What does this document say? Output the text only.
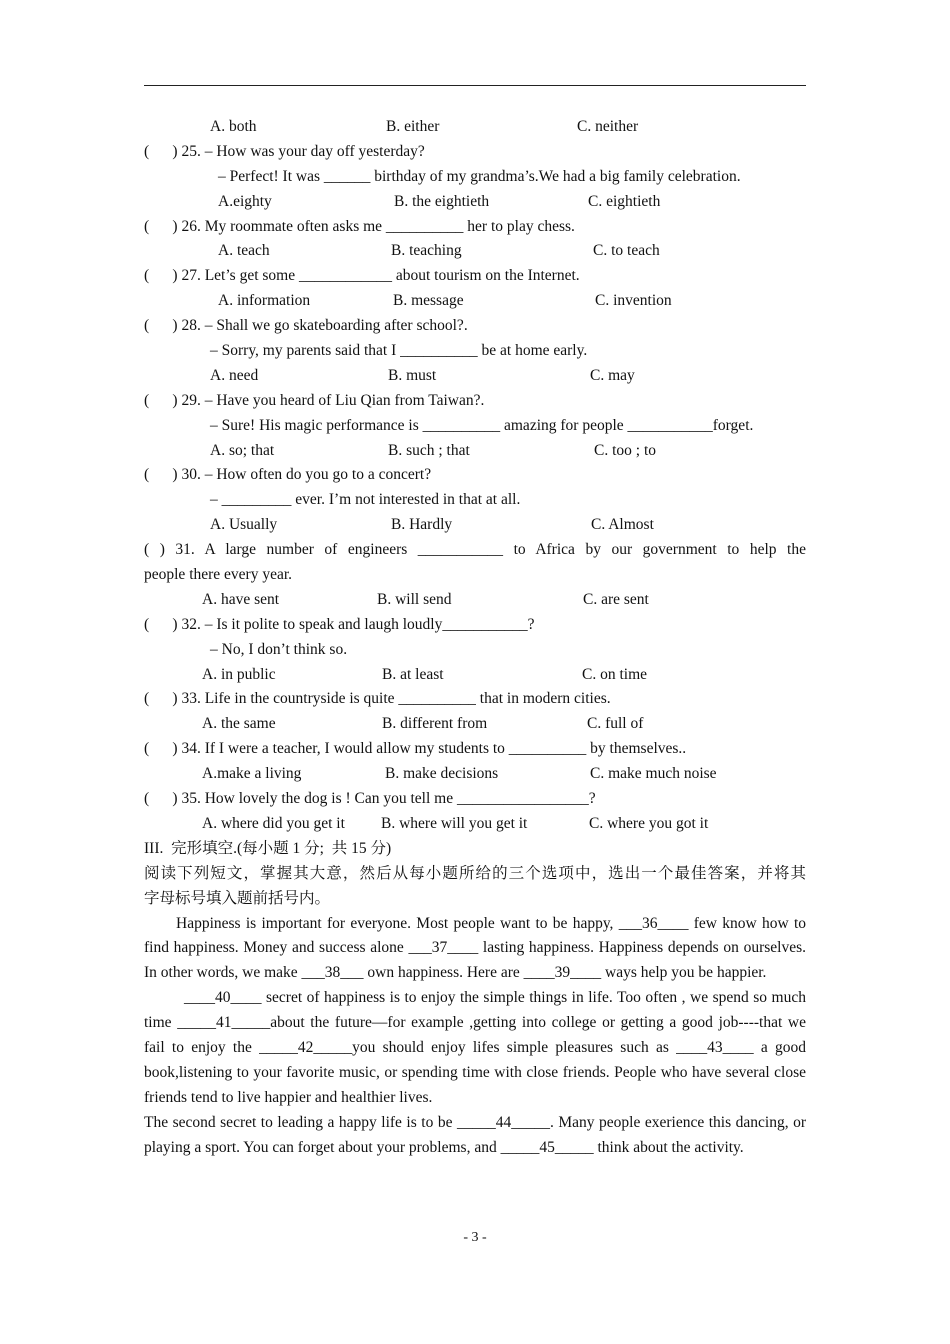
A. both

	B. either

	C. neither

(      ) 25. – How was your day off yesterday?
– Perfect! It was ______ birthday of my grandma’s.We had a big family celebration.

A.eighty

	B. the eightieth

	C. eightieth

(      ) 26. My roommate often asks me __________ her to play chess.

A. teach

	B. teaching

	C. to teach

(      ) 27. Let’s get some ____________ about tourism on the Internet.

A. information

	B. message

	C. invention

(      ) 28. – Shall we go skateboarding after school?.
– Sorry, my parents said that I __________ be at home early.

A. need

	B. must

	C. may

(      ) 29. – Have you heard of Liu Qian from Taiwan?.
– Sure! His magic performance is __________ amazing for people ___________forget.

A. so; that

	B. such ; that

	C. too ; to

(      ) 30. – How often do you go to a concert?
– _________ ever. I’m not interested in that at all.

A. Usually

	B. Hardly

	C. Almost

( ) 31. A large number of engineers ___________ to Africa by our government to help the
people there every year.

A. have sent

	B. will send

	C. are sent

(      ) 32. – Is it polite to speak and laugh loudly___________?
– No, I don’t think so.

A. in public

	B. at least

	C. on time

(      ) 33. Life in the countryside is quite __________ that in modern cities.

A. the same

	B. different from

	C. full of

(      ) 34. If I were a teacher, I would allow my students to __________ by themselves..

A.make a living

	B. make decisions

	C. make much noise

(      ) 35. How lovely the dog is ! Can you tell me _________________?

A. where did you get it

B. where will you get it

	C. where you got it

III.  完形填空.(每小题 1 分;  共 15 分)
阅读下列短文，掌握其大意，然后从每小题所给的三个选项中，选出一个最佳答案，并将其
字母标号填入题前括号内。

Happiness is important for everyone. Most people want to be happy, ___36____ few know how to find happiness. Money and success alone ___37____ lasting happiness. Happiness depends on ourselves. In other words, we make ___38___ own happiness. Here are ____39____ ways help you be happier.

____40____ secret of happiness is to enjoy the simple things in life. Too often , we spend so much time _____41_____about the future—for example ,getting into college or getting a good job----that we fail to enjoy the _____42_____you should enjoy lifes simple pleasures such as ____43____ a good book,listening to your favorite music, or spending time with close friends. People who have several close friends tend to live happier and healthier lives.

The second secret to leading a happy life is to be _____44_____. Many people exerience this dancing, or playing a sport. You can forget about your problems, and _____45_____ think about the activity.

- 3 -
